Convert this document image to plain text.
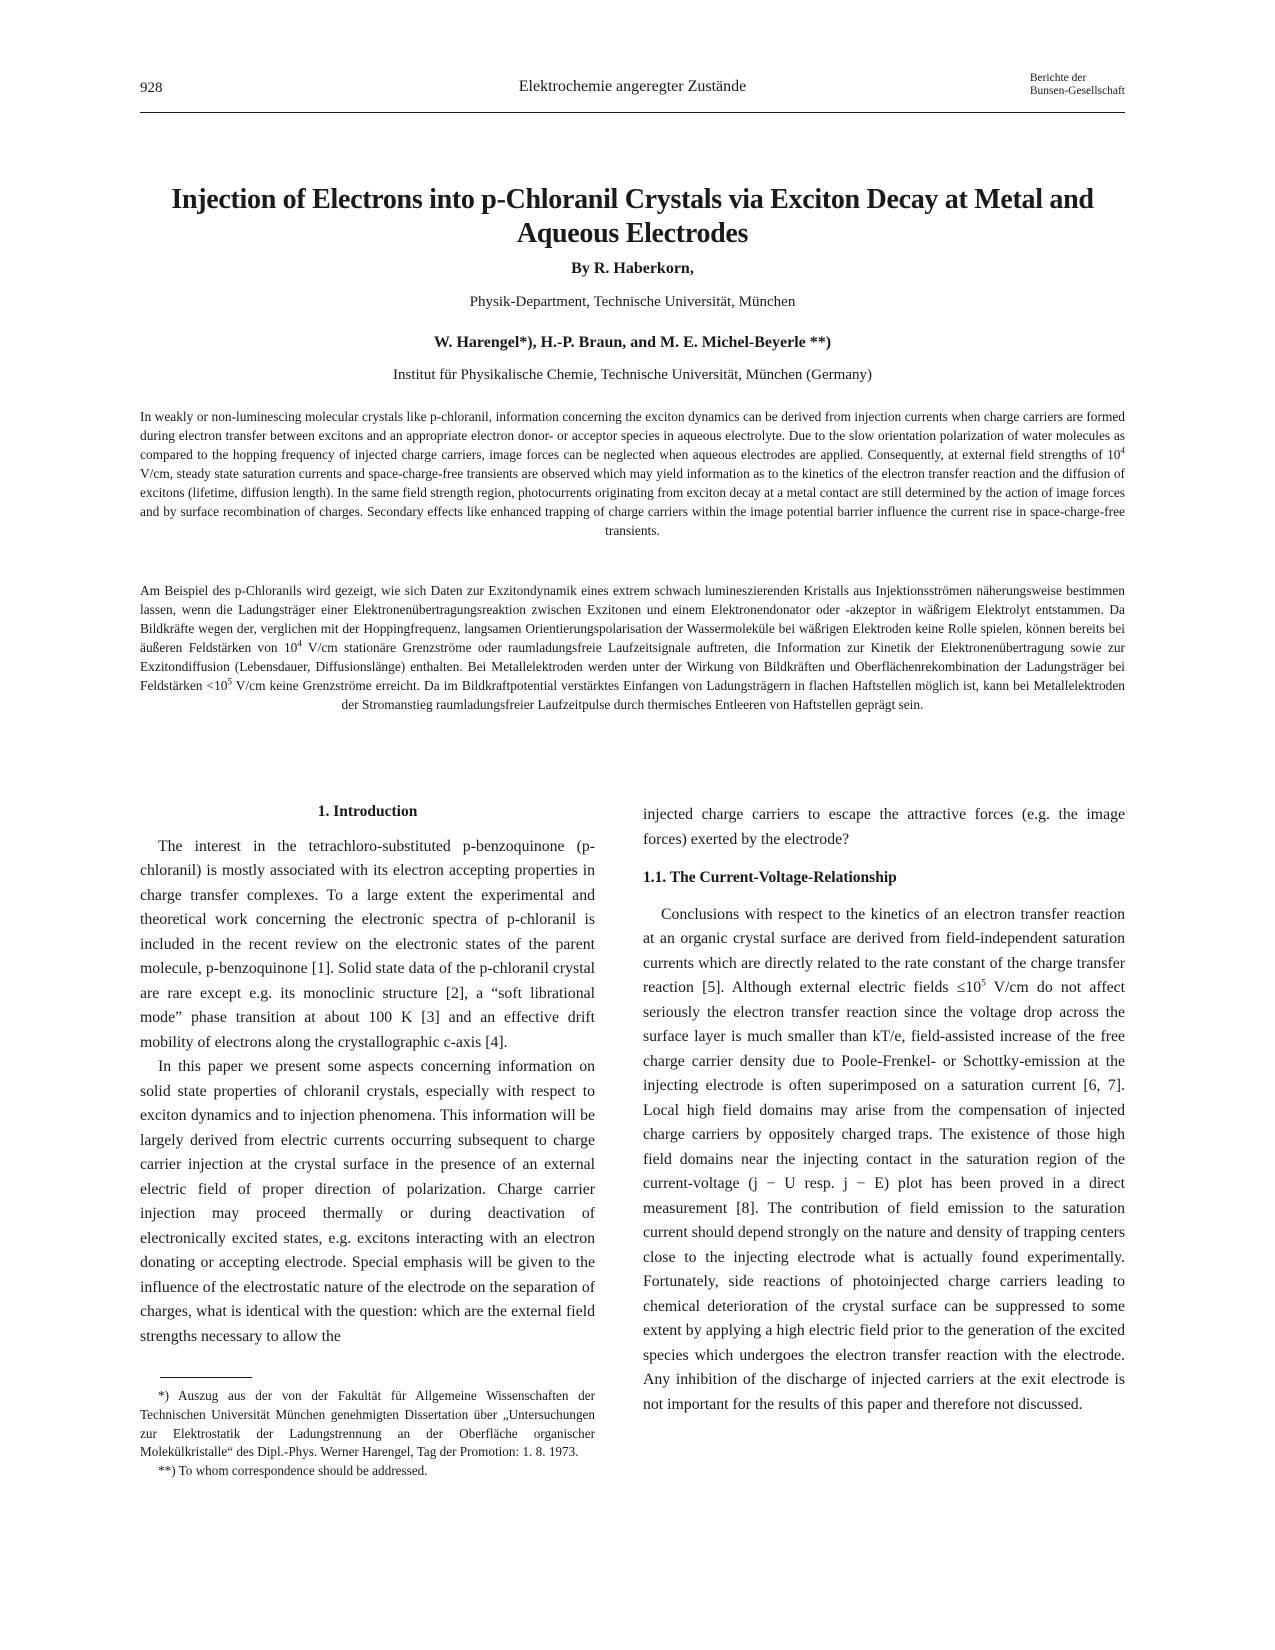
928	Elektrochemie angeregter Zustände	Berichte der
Bunsen-Gesellschaft
Injection of Electrons into p-Chloranil Crystals via Exciton Decay at Metal and Aqueous Electrodes
By R. Haberkorn,
Physik-Department, Technische Universität, München
W. Harengel*), H.-P. Braun, and M. E. Michel-Beyerle **)
Institut für Physikalische Chemie, Technische Universität, München (Germany)
In weakly or non-luminescing molecular crystals like p-chloranil, information concerning the exciton dynamics can be derived from injection currents when charge carriers are formed during electron transfer between excitons and an appropriate electron donor- or acceptor species in aqueous electrolyte. Due to the slow orientation polarization of water molecules as compared to the hopping frequency of injected charge carriers, image forces can be neglected when aqueous electrodes are applied. Consequently, at external field strengths of $10^4$ V/cm, steady state saturation currents and space-charge-free transients are observed which may yield information as to the kinetics of the electron transfer reaction and the diffusion of excitons (lifetime, diffusion length). In the same field strength region, photocurrents originating from exciton decay at a metal contact are still determined by the action of image forces and by surface recombination of charges. Secondary effects like enhanced trapping of charge carriers within the image potential barrier influence the current rise in space-charge-free transients.
Am Beispiel des p-Chloranils wird gezeigt, wie sich Daten zur Exzitondynamik eines extrem schwach lumineszierenden Kristalls aus Injektionsströmen näherungsweise bestimmen lassen, wenn die Ladungsträger einer Elektronenübertragungsreaktion zwischen Exzitonen und einem Elektronendonator oder -akzeptor in wäßrigem Elektrolyt entstammen. Da Bildkräfte wegen der, verglichen mit der Hoppingfrequenz, langsamen Orientierungspolarisation der Wassermoleküle bei wäßrigen Elektroden keine Rolle spielen, können bereits bei äußeren Feldstärken von $10^4$ V/cm stationäre Grenzströme oder raumladungsfreie Laufzeitsignale auftreten, die Information zur Kinetik der Elektronenübertragung sowie zur Exzitondiffusion (Lebensdauer, Diffusionslänge) enthalten. Bei Metallelektroden werden unter der Wirkung von Bildkräften und Oberflächenrekombination der Ladungsträger bei Feldstärken $<10^5$ V/cm keine Grenzströme erreicht. Da im Bildkraftpotential verstärktes Einfangen von Ladungsträgern in flachen Haftstellen möglich ist, kann bei Metallelektroden der Stromanstieg raumladungsfreier Laufzeitpulse durch thermisches Entleeren von Haftstellen geprägt sein.
1. Introduction

The interest in the tetrachloro-substituted p-benzoquinone (p-chloranil) is mostly associated with its electron accepting properties in charge transfer complexes. To a large extent the experimental and theoretical work concerning the electronic spectra of p-chloranil is included in the recent review on the electronic states of the parent molecule, p-benzoquinone [1]. Solid state data of the p-chloranil crystal are rare except e.g. its monoclinic structure [2], a “soft librational mode” phase transition at about 100 K [3] and an effective drift mobility of electrons along the crystallographic c-axis [4].

In this paper we present some aspects concerning information on solid state properties of chloranil crystals, especially with respect to exciton dynamics and to injection phenomena. This information will be largely derived from electric currents occurring subsequent to charge carrier injection at the crystal surface in the presence of an external electric field of proper direction of polarization. Charge carrier injection may proceed thermally or during deactivation of electronically excited states, e.g. excitons interacting with an electron donating or accepting electrode. Special emphasis will be given to the influence of the electrostatic nature of the electrode on the separation of charges, what is identical with the question: which are the external field strengths necessary to allow the

*) Auszug aus der von der Fakultät für Allgemeine Wissenschaften der Technischen Universität München genehmigten Dissertation über „Untersuchungen zur Elektrostatik der Ladungstrennung an der Oberfläche organischer Molekülkristalle“ des Dipl.-Phys. Werner Harengel, Tag der Promotion: 1. 8. 1973.

**) To whom correspondence should be addressed.

injected charge carriers to escape the attractive forces (e.g. the image forces) exerted by the electrode?

1.1. The Current-Voltage-Relationship

Conclusions with respect to the kinetics of an electron transfer reaction at an organic crystal surface are derived from field-independent saturation currents which are directly related to the rate constant of the charge transfer reaction [5]. Although external electric fields $\le 10^5$ V/cm do not affect seriously the electron transfer reaction since the voltage drop across the surface layer is much smaller than kT/e, field-assisted increase of the free charge carrier density due to Poole-Frenkel- or Schottky-emission at the injecting electrode is often superimposed on a saturation current [6, 7]. Local high field domains may arise from the compensation of injected charge carriers by oppositely charged traps. The existence of those high field domains near the injecting contact in the saturation region of the current-voltage (j − U resp. j − E) plot has been proved in a direct measurement [8]. The contribution of field emission to the saturation current should depend strongly on the nature and density of trapping centers close to the injecting electrode what is actually found experimentally. Fortunately, side reactions of photoinjected charge carriers leading to chemical deterioration of the crystal surface can be suppressed to some extent by applying a high electric field prior to the generation of the excited species which undergoes the electron transfer reaction with the electrode. Any inhibition of the discharge of injected carriers at the exit electrode is not important for the results of this paper and therefore not discussed.
